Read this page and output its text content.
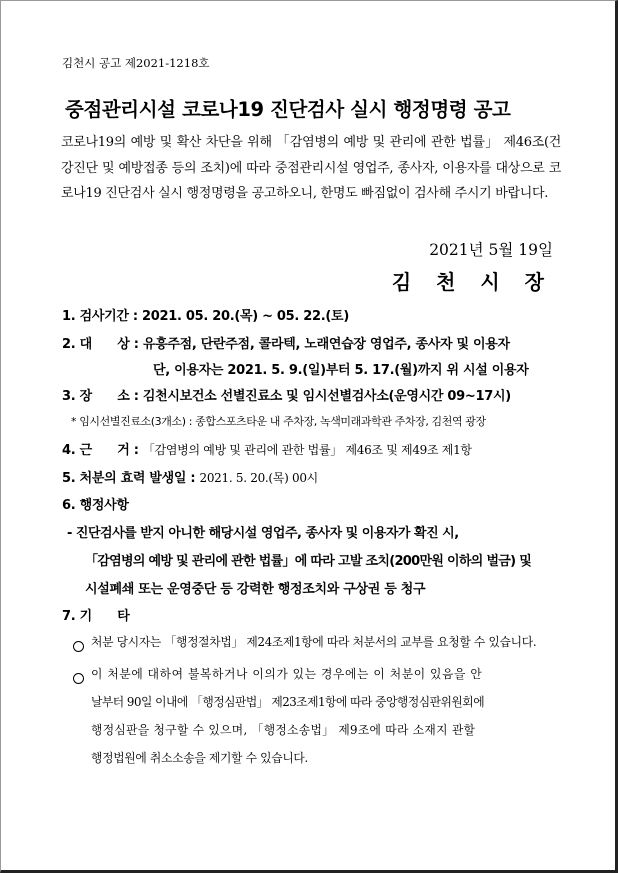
김천시 공고 제2021-1218호
중점관리시설 코로나19 진단검사 실시 행정명령 공고
코로나19의 예방 및 확산 차단을 위해 「감염병의 예방 및 관리에 관한 법률」 제46조(건강진단 및 예방접종 등의 조치)에 따라 중점관리시설 영업주, 종사자, 이용자를 대상으로 코로나19 진단검사 실시 행정명령을 공고하오니, 한명도 빠짐없이 검사해 주시기 바랍니다.
2021년 5월 19일
김 천 시 장
1. 검사기간 : 2021. 05. 20.(목) ~ 05. 22.(토)
2. 대　　상 : 유흥주점, 단란주점, 콜라텍, 노래연습장 영업주, 종사자 및 이용자
단, 이용자는 2021. 5. 9.(일)부터 5. 17.(월)까지 위 시설 이용자
3. 장　　소 : 김천시보건소 선별진료소 및 임시선별검사소(운영시간 09~17시)
* 임시선별진료소(3개소) : 종합스포츠타운 내 주차장, 녹색미래과학관 주차장, 김천역 광장
4. 근　　거 : 「감염병의 예방 및 관리에 관한 법률」 제46조 및 제49조 제1항
5. 처분의 효력 발생일 : 2021. 5. 20.(목) 00시
6. 행정사항
- 진단검사를 받지 아니한 해당시설 영업주, 종사자 및 이용자가 확진 시,
「감염병의 예방 및 관리에 관한 법률」에 따라 고발 조치(200만원 이하의 벌금) 및
시설폐쇄 또는 운영중단 등 강력한 행정조치와 구상권 등 청구
7. 기　　타
처분 당시자는 「행정절차법」 제24조제1항에 따라 처분서의 교부를 요청할 수 있습니다.
이 처분에 대하여 불복하거나 이의가 있는 경우에는 이 처분이 있음을 안
날부터 90일 이내에 「행정심판법」 제23조제1항에 따라 중앙행정심판위원회에
행정심판을 청구할 수 있으며, 「행정소송법」 제9조에 따라 소재지 관할
행정법원에 취소소송을 제기할 수 있습니다.
